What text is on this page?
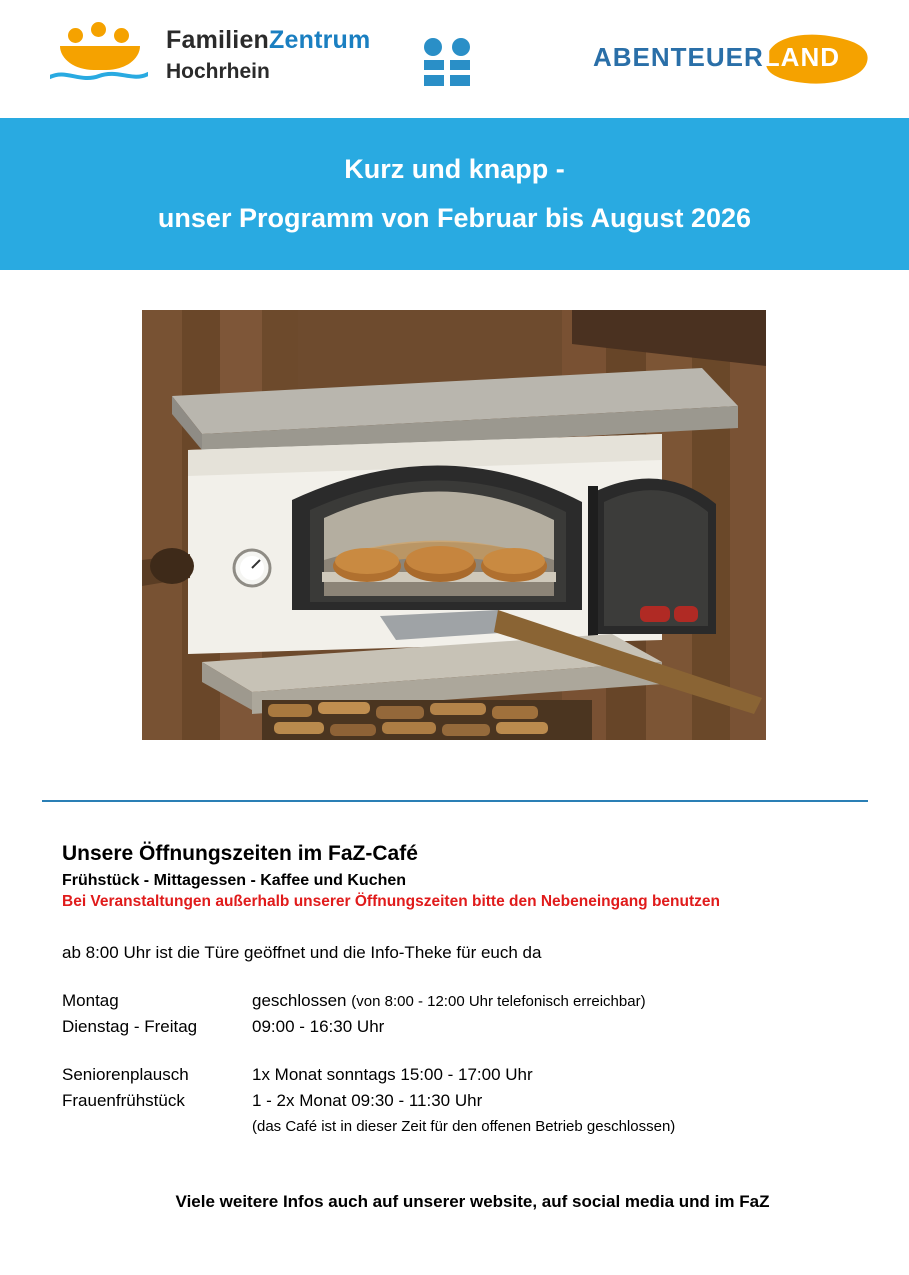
FamilienZentrum
Hochrhein	ABENTEUERLAND
Kurz und knapp -
unser Programm von Februar bis August 2026
Unsere Öffnungszeiten im FaZ-Café
Frühstück - Mittagessen - Kaffee und Kuchen
Bei Veranstaltungen außerhalb unserer Öffnungszeiten bitte den Nebeneingang benutzen
ab 8:00 Uhr ist die Türe geöffnet und die Info-Theke für euch da
Montag	geschlossen (von 8:00 - 12:00 Uhr telefonisch erreichbar)
Dienstag - Freitag	09:00 - 16:30 Uhr

Seniorenplausch	1x Monat sonntags 15:00 - 17:00 Uhr
Frauenfrühstück	1 - 2x Monat 09:30 - 11:30 Uhr
	(das Café ist in dieser Zeit für den offenen Betrieb geschlossen)
Viele weitere Infos auch auf unserer website, auf social media und im FaZ
